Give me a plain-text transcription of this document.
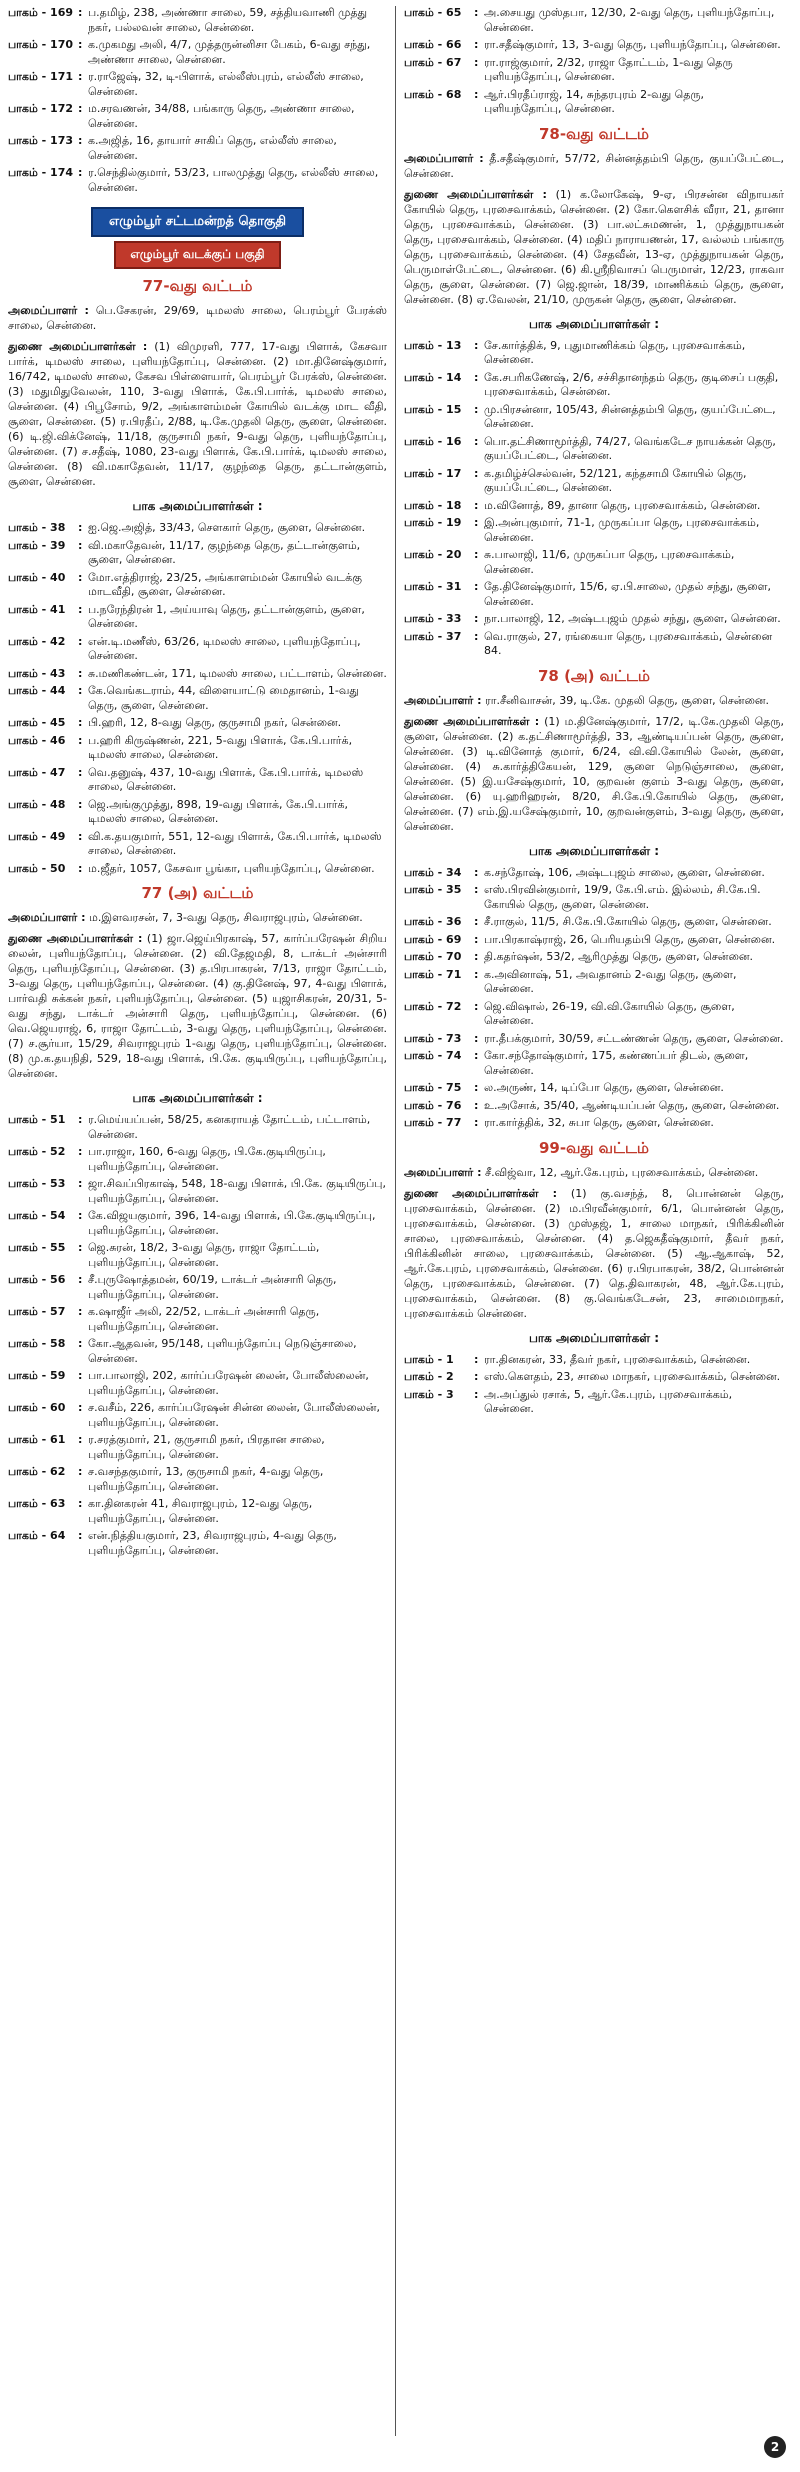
பாகம் - 169 : ப.தமிழ், 238, அண்ணா சாலை, 59, சத்தியவாணி முத்து நகர், பல்லவன் சாலை, சென்னை.
பாகம் - 170 : க.முகமது அலி, 4/7, முத்தருன்னிசா பேகம், 6-வது சந்து, அண்ணா சாலை, சென்னை.
பாகம் - 171 : ர.ராஜேஷ், 32, டி-பிளாக், எல்லீஸ்புரம், எல்லீஸ் சாலை, சென்னை.
பாகம் - 172 : ம.சரவணன், 34/88, பங்காரு தெரு, அண்ணா சாலை, சென்னை.
பாகம் - 173 : க.அஜித், 16, தாயார் சாகிப் தெரு, எல்லீஸ் சாலை, சென்னை.
பாகம் - 174 : ர.செந்தில்குமார், 53/23, பாலமுத்து தெரு, எல்லீஸ் சாலை, சென்னை.
எழும்பூர் சட்டமன்றத் தொகுதி
எழும்பூர் வடக்குப் பகுதி
77-வது வட்டம்
அமைப்பாளர் : பெ.சேகரன், 29/69, டிமலஸ் சாலை, பெரம்பூர் பேரக்ஸ் சாலை, சென்னை.
துணை அமைப்பாளர்கள் : (1) விமுரளி, 777, 17-வது பிளாக், கேசவா பார்க், டிமலஸ் சாலை, புளியந்தோப்பு, சென்னை. (2) மா.தினேஷ்குமார், 16/742, டிமலஸ் சாலை, கேசவ பிள்ளையார், பெரம்பூர் பேரக்ஸ், சென்னை. (3) மதுமிதுவேலன், 110, 3-வது பிளாக், கே.பி.பார்க், டிமலஸ் சாலை, சென்னை. (4) பிபூசோம், 9/2, அங்காளம்மன் கோயில் வடக்கு மாட வீதி, சூளை, சென்னை. (5) ர.பிரதீப், 2/88, டி.கே.முதலி தெரு, சூளை, சென்னை. (6) டி.ஜி.விக்னேஷ், 11/18, குருசாமி நகர், 9-வது தெரு, புளியந்தோப்பு, சென்னை. (7) ச.சதீஷ், 1080, 23-வது பிளாக், கே.பி.பார்க், டிமலஸ் சாலை, சென்னை. (8) வி.மகாதேவன், 11/17, குழந்தை தெரு, தட்டான்குளம், சூளை, சென்னை.
பாக அமைப்பாளர்கள் :
பாகம் - 38	: ஐ.ஜெ.அஜித், 33/43, சௌகார் தெரு, சூளை, சென்னை.
பாகம் - 39	: வி.மகாதேவன், 11/17, குழந்தை தெரு, தட்டான்குளம், சூளை, சென்னை.
பாகம் - 40	: மோ.எத்திராஜ், 23/25, அங்காளம்மன் கோயில் வடக்கு மாடவீதி, சூளை, சென்னை.
பாகம் - 41	: ப.நரேந்திரன் 1, அய்யாவு தெரு, தட்டான்குளம், சூளை, சென்னை.
பாகம் - 42	: என்.டி.மணீஸ், 63/26, டிமலஸ் சாலை, புளியந்தோப்பு, சென்னை.
பாகம் - 43	: சு.மணிகண்டன், 171, டிமலஸ் சாலை, பட்டாளம், சென்னை.
பாகம் - 44	: கே.வெங்கடராம், 44, விளையாட்டு மைதானம், 1-வது தெரு, சூளை, சென்னை.
பாகம் - 45	: பி.ஹரி, 12, 8-வது தெரு, குருசாமி நகர், சென்னை.
பாகம் - 46	: ப.ஹரி கிருஷ்ணன், 221, 5-வது பிளாக், கே.பி.பார்க், டிமலஸ் சாலை, சென்னை.
பாகம் - 47	: வெ.தனுஷ், 437, 10-வது பிளாக், கே.பி.பார்க், டிமலஸ் சாலை, சென்னை.
பாகம் - 48	: ஜெ.அங்குமுத்து, 898, 19-வது பிளாக், கே.பி.பார்க், டிமலஸ் சாலை, சென்னை.
பாகம் - 49	: வி.க.தயகுமார், 551, 12-வது பிளாக், கே.பி.பார்க், டிமலஸ் சாலை, சென்னை.
பாகம் - 50	: ம.ஜீதர், 1057, கேசவா பூங்கா, புளியந்தோப்பு, சென்னை.
77 (அ) வட்டம்
அமைப்பாளர் : ம.இளவரசன், 7, 3-வது தெரு, சிவராஜபுரம், சென்னை.
துணை அமைப்பாளர்கள் : (1) ஜா.ஜெய்பிரகாஷ், 57, கார்ப்பரேஷன் சிறிய லைன், புளியந்தோப்பு, சென்னை. (2) வி.தேஜமதி, 8, டாக்டர் அன்சாரி தெரு, புளியந்தோப்பு, சென்னை. (3) த.பிரபாகரன், 7/13, ராஜா தோட்டம், 3-வது தெரு, புளியந்தோப்பு, சென்னை. (4) கு.தினேஷ், 97, 4-வது பிளாக், பார்வதி சுக்கன் நகர், புளியந்தோப்பு, சென்னை. (5) யுஜாசிகரன், 20/31, 5-வது சந்து, டாக்டர் அன்சாரி தெரு, புளியந்தோப்பு, சென்னை. (6) வெ.ஜெயராஜ், 6, ராஜா தோட்டம், 3-வது தெரு, புளியந்தோப்பு, சென்னை. (7) ச.சூர்யா, 15/29, சிவராஜபுரம் 1-வது தெரு, புளியந்தோப்பு, சென்னை. (8) மு.க.தயநிதி, 529, 18-வது பிளாக், பி.கே. குடியிருப்பு, புளியந்தோப்பு, சென்னை.
பாக அமைப்பாளர்கள் :
பாகம் - 51	: ர.மெய்யப்பன், 58/25, கனகராயத் தோட்டம், பட்டாளம், சென்னை.
பாகம் - 52	: பா.ராஜா, 160, 6-வது தெரு, பி.கே.குடியிருப்பு, புளியந்தோப்பு, சென்னை.
பாகம் - 53	: ஜா.சிவப்பிரகாஷ், 548, 18-வது பிளாக், பி.கே. குடியிருப்பு, புளியந்தோப்பு, சென்னை.
பாகம் - 54	: கே.விஜயகுமார், 396, 14-வது பிளாக், பி.கே.குடியிருப்பு, புளியந்தோப்பு, சென்னை.
பாகம் - 55	: ஜெ.சுரன், 18/2, 3-வது தெரு, ராஜா தோட்டம், புளியந்தோப்பு, சென்னை.
பாகம் - 56	: சீ.புருஷோத்தமன், 60/19, டாக்டர் அன்சாரி தெரு, புளியந்தோப்பு, சென்னை.
பாகம் - 57	: க.ஷாஜீர் அலி, 22/52, டாக்டர் அன்சாரி தெரு, புளியந்தோப்பு, சென்னை.
பாகம் - 58	: கோ.ஆதவன், 95/148, புளியந்தோப்பு நெடுஞ்சாலை, சென்னை.
பாகம் - 59	: பா.பாலாஜி, 202, கார்ப்பரேஷன் லைன், போலீஸ்லைன், புளியந்தோப்பு, சென்னை.
பாகம் - 60	: ச.வசீம், 226, கார்ப்பரேஷன் சின்ன லைன், போலீஸ்லைன், புளியந்தோப்பு, சென்னை.
பாகம் - 61	: ர.சரத்குமார், 21, குருசாமி நகர், பிரதான சாலை, புளியந்தோப்பு, சென்னை.
பாகம் - 62	: ச.வசந்தகுமார், 13, குருசாமி நகர், 4-வது தெரு, புளியந்தோப்பு, சென்னை.
பாகம் - 63	: கா.தினகரன் 41, சிவராஜபுரம், 12-வது தெரு, புளியந்தோப்பு, சென்னை.
பாகம் - 64	: என்.நித்தியகுமார், 23, சிவராஜபுரம், 4-வது தெரு, புளியந்தோப்பு, சென்னை.
பாகம் - 65	: அ.சையது முஸ்தபா, 12/30, 2-வது தெரு, புளியந்தோப்பு, சென்னை.
பாகம் - 66	: ரா.சதீஷ்குமார், 13, 3-வது தெரு, புளியந்தோப்பு, சென்னை.
பாகம் - 67	: ரா.ராஜ்குமார், 2/32, ராஜா தோட்டம், 1-வது தெரு புளியந்தோப்பு, சென்னை.
பாகம் - 68	: ஆர்.பிரதீப்ராஜ், 14, சுந்தரபுரம் 2-வது தெரு, புளியந்தோப்பு, சென்னை.
78-வது வட்டம்
அமைப்பாளர் : தீ.சதீஷ்குமார், 57/72, சின்னத்தம்பி தெரு, குயப்பேட்டை, சென்னை.
துணை அமைப்பாளர்கள் : (1) க.லோகேஷ், 9-ஏ, பிரசன்ன விநாயகர் கோயில் தெரு, புரசைவாக்கம், சென்னை. (2) கோ.கௌசிக் வீரா, 21, தானா தெரு, புரசைவாக்கம், சென்னை. (3) பா.லட்சுமணன், 1, முத்துநாயகன் தெரு, புரசைவாக்கம், சென்னை. (4) மதிப் நாராயணன், 17, வல்லம் பங்காரு தெரு, புரசைவாக்கம், சென்னை. (4) சேதவீன், 13-ஏ, முத்துநாயகன் தெரு, பெருமாள்பேட்டை, சென்னை. (6) கி.ஸ்ரீநிவாசப் பெருமாள், 12/23, ராகவா தெரு, சூளை, சென்னை. (7) ஜெ.ஜான், 18/39, மாணிக்கம் தெரு, சூளை, சென்னை. (8) ஏ.வேலன், 21/10, முருகன் தெரு, சூளை, சென்னை.
பாக அமைப்பாளர்கள் :
பாகம் - 13	: சே.கார்த்திக், 9, புதுமாணிக்கம் தெரு, புரசைவாக்கம், சென்னை.
பாகம் - 14	: கே.சபரிகணேஷ், 2/6, சச்சிதானந்தம் தெரு, குடிசைப் பகுதி, புரசைவாக்கம், சென்னை.
பாகம் - 15	: மு.பிரசன்னா, 105/43, சின்னத்தம்பி தெரு, குயப்பேட்டை, சென்னை.
பாகம் - 16	: பொ.தட்சிணாமூர்த்தி, 74/27, வெங்கடேச நாயக்கன் தெரு, குயப்பேட்டை, சென்னை.
பாகம் - 17	: க.தமிழ்ச்செல்வன், 52/121, கந்தசாமி கோயில் தெரு, குயப்பேட்டை, சென்னை.
பாகம் - 18	: ம.வினோத், 89, தானா தெரு, புரசைவாக்கம், சென்னை.
பாகம் - 19	: இ.அன்புகுமார், 71-1, முருகப்பா தெரு, புரசைவாக்கம், சென்னை.
பாகம் - 20	: சு.பாலாஜி, 11/6, முருகப்பா தெரு, புரசைவாக்கம், சென்னை.
பாகம் - 31	: தே.தினேஷ்குமார், 15/6, ஏ.பி.சாலை, முதல் சந்து, சூளை, சென்னை.
பாகம் - 33	: நா.பாலாஜி, 12, அஷ்டபுஜம் முதல் சந்து, சூளை, சென்னை.
பாகம் - 37	: வெ.ராகுல், 27, ரங்கையா தெரு, புரசைவாக்கம், சென்னை 84.
78 (அ) வட்டம்
அமைப்பாளர் : ரா.சீனிவாசன், 39, டி.கே. முதலி தெரு, சூளை, சென்னை.
துணை அமைப்பாளர்கள் : (1) ம.தினேஷ்குமார், 17/2, டி.கே.முதலி தெரு, சூளை, சென்னை. (2) க.தட்சிணாமூர்த்தி, 33, ஆண்டியப்பன் தெரு, சூளை, சென்னை. (3) டி.வினோத் குமார், 6/24, வி.வி.கோயில் லேன், சூளை, சென்னை. (4) சு.கார்த்திகேயன், 129, சூளை நெடுஞ்சாலை, சூளை, சென்னை. (5) இ.யசேஷ்குமார், 10, குறவன் குளம் 3-வது தெரு, சூளை, சென்னை. (6) யு.ஹரிஹரன், 8/20, சி.கே.பி.கோயில் தெரு, சூளை, சென்னை. (7) எம்.இ.யசேஷ்குமார், 10, குறவன்குளம், 3-வது தெரு, சூளை, சென்னை.
பாக அமைப்பாளர்கள் :
பாகம் - 34	: க.சந்தோஷ், 106, அஷ்டபுஜம் சாலை, சூளை, சென்னை.
பாகம் - 35	: எஸ்.பிரவின்குமார், 19/9, கே.பி.எம். இல்லம், சி.கே.பி. கோயில் தெரு, சூளை, சென்னை.
பாகம் - 36	: சீ.ராகுல், 11/5, சி.கே.பி.கோயில் தெரு, சூளை, சென்னை.
பாகம் - 69	: பா.பிரகாஷ்ராஜ், 26, பெரியதம்பி தெரு, சூளை, சென்னை.
பாகம் - 70	: தி.கதர்ஷன், 53/2, ஆரிமுத்து தெரு, சூளை, சென்னை.
பாகம் - 71	: க.அவினாஷ், 51, அவதானம் 2-வது தெரு, சூளை, சென்னை.
பாகம் - 72	: ஜெ.விஷால், 26-19, வி.வி.கோயில் தெரு, சூளை, சென்னை.
பாகம் - 73	: ரா.தீபக்குமார், 30/59, சட்டண்ணன் தெரு, சூளை, சென்னை.
பாகம் - 74	: கோ.சந்தோஷ்குமார், 175, கண்ணப்பர் திடல், சூளை, சென்னை.
பாகம் - 75	: ல.அருண், 14, டிப்போ தெரு, சூளை, சென்னை.
பாகம் - 76	: உ.அசோக், 35/40, ஆண்டியப்பன் தெரு, சூளை, சென்னை.
பாகம் - 77	: ரா.கார்த்திக், 32, சுபா தெரு, சூளை, சென்னை.
99-வது வட்டம்
அமைப்பாளர் : சீ.விஜ்வா, 12, ஆர்.கே.புரம், புரசைவாக்கம், சென்னை.
துணை அமைப்பாளர்கள் : (1) கு.வசந்த், 8, பொன்னன் தெரு, புரசைவாக்கம், சென்னை. (2) ம.பிரவீன்குமார், 6/1, பொன்னன் தெரு, புரசைவாக்கம், சென்னை. (3) முஸ்தஜ், 1, சாலை மாநகர், பிரிக்கினின் சாலை, புரசைவாக்கம், சென்னை. (4) த.ஜெகதீஷ்குமார், தீவர் நகர், பிரிக்கினின் சாலை, புரசைவாக்கம், சென்னை. (5) ஆ.ஆகாஷ், 52, ஆர்.கே.புரம், புரசைவாக்கம், சென்னை. (6) ர.பிரபாகரன், 38/2, பொன்னன் தெரு, புரசைவாக்கம், சென்னை. (7) தெ.திவாகரன், 48, ஆர்.கே.புரம், புரசைவாக்கம், சென்னை. (8) கு.வெங்கடேசன், 23, சாமைமாநகர், புரசைவாக்கம் சென்னை.
பாக அமைப்பாளர்கள் :
பாகம் - 1	: ரா.தினகரன், 33, தீவர் நகர், புரசைவாக்கம், சென்னை.
பாகம் - 2	: எஸ்.கௌதம், 23, சாலை மாநகர், புரசைவாக்கம், சென்னை.
பாகம் - 3	: அ.அப்துல் ரசாக், 5, ஆர்.கே.புரம், புரசைவாக்கம், சென்னை.
2
